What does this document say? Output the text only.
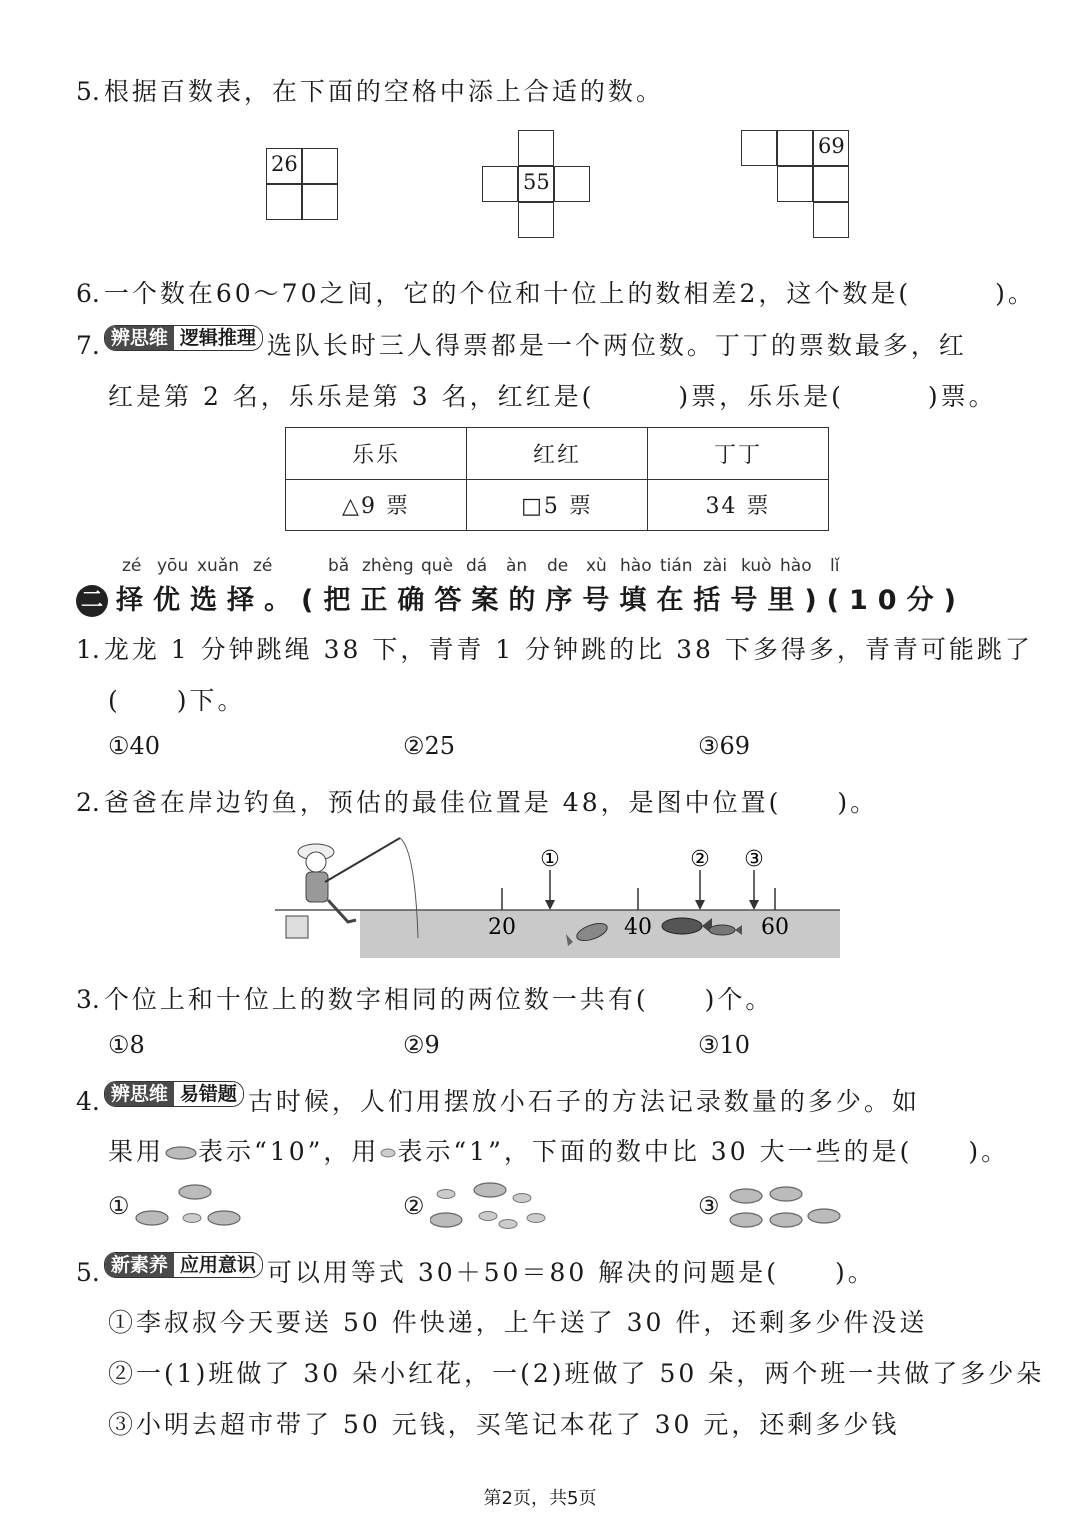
5. 根据百数表，在下面的空格中添上合适的数。
26
55
69
6. 一个数在60～70之间，它的个位和十位上的数相差2，这个数是(　　　)。
7. 辨思维 逻辑推理 选队长时三人得票都是一个两位数。丁丁的票数最多，红
红是第 2 名，乐乐是第 3 名，红红是(　　　)票，乐乐是(　　　)票。
乐乐	红红	丁丁
△9 票	□5 票	34 票
zé yōu xuǎn zé	bǎ zhèng què dá àn de xù hào tián zài kuò hào lǐ
二 择优选择。(把正确答案的序号填在括号里)(10分)
1. 龙龙 1 分钟跳绳 38 下，青青 1 分钟跳的比 38 下多得多，青青可能跳了
(　　)下。
①40	②25	③69
2. 爸爸在岸边钓鱼，预估的最佳位置是 48，是图中位置(　　)。
20	40	60
①	② ③
3. 个位上和十位上的数字相同的两位数一共有(　　)个。
①8	②9	③10
4. 辨思维 易错题 古时候，人们用摆放小石子的方法记录数量的多少。如
果用 表示“10”，用 表示“1”，下面的数中比 30 大一些的是(　　)。
①	②	③
5. 新素养 应用意识 可以用等式 30＋50＝80 解决的问题是(　　)。
①李叔叔今天要送 50 件快递，上午送了 30 件，还剩多少件没送
②一(1)班做了 30 朵小红花，一(2)班做了 50 朵，两个班一共做了多少朵
③小明去超市带了 50 元钱，买笔记本花了 30 元，还剩多少钱
第2页，共5页
